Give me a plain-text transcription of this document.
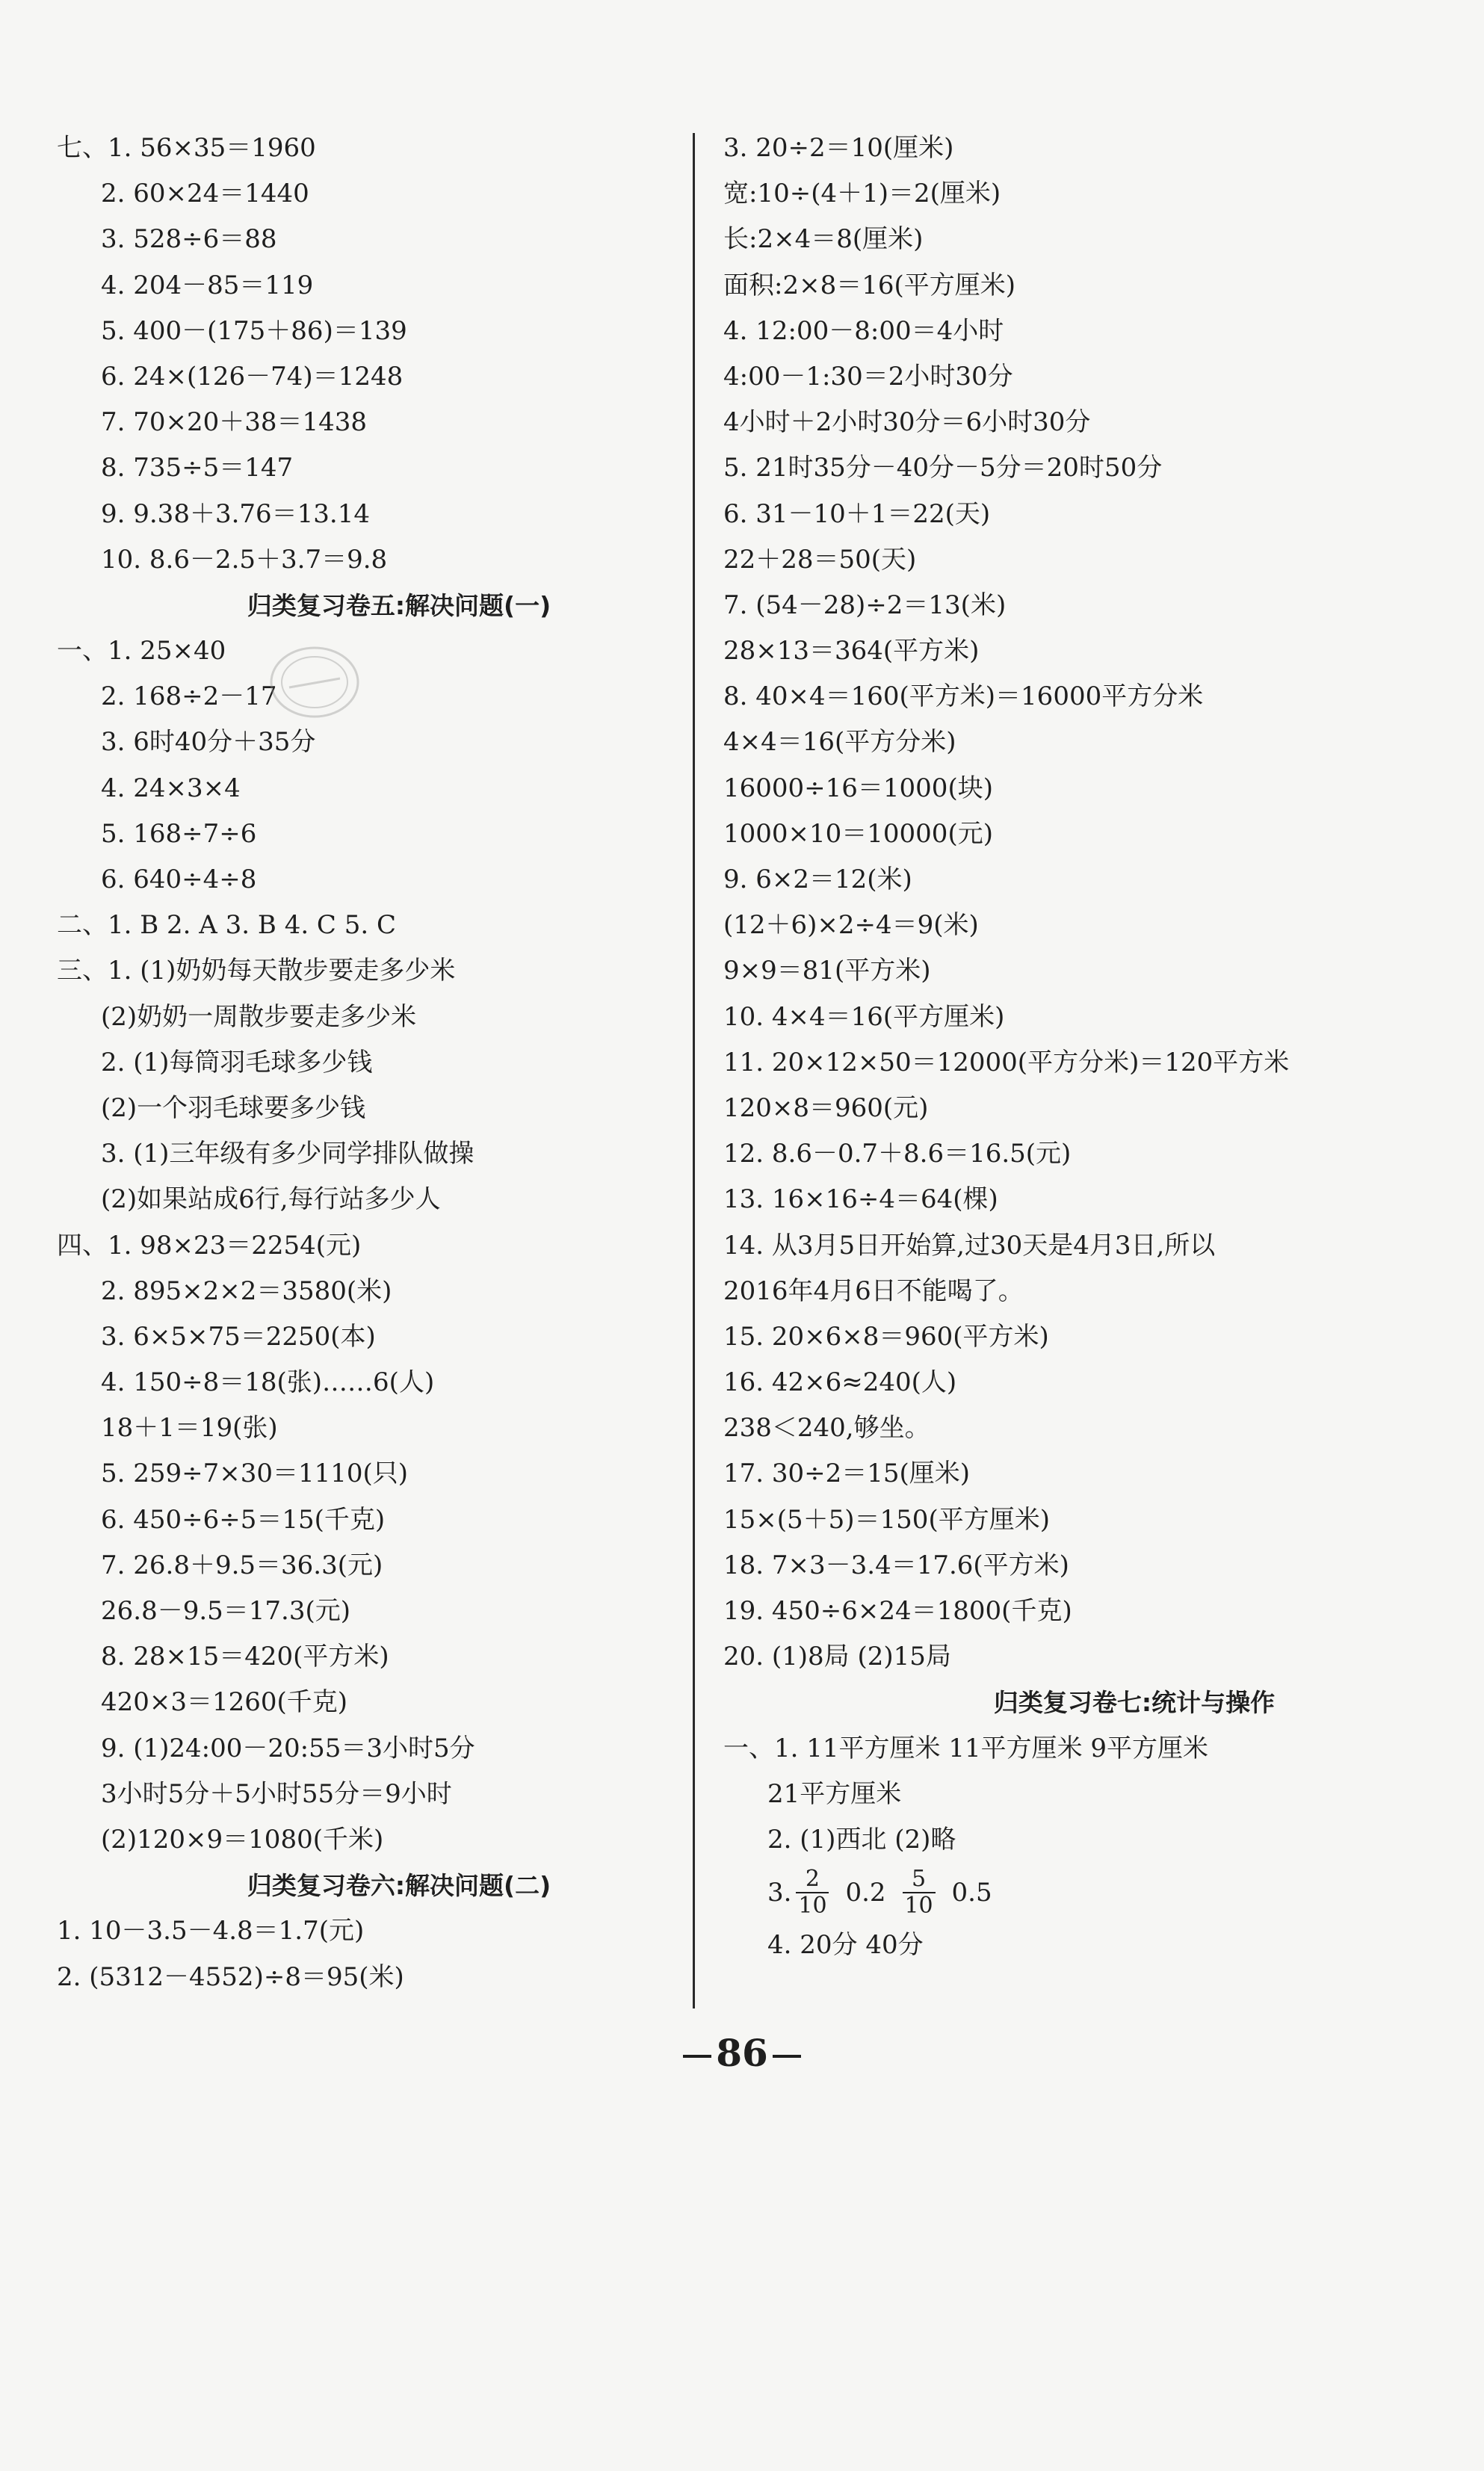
七、1. 56×35＝1960
2. 60×24＝1440
3. 528÷6＝88
4. 204－85＝119
5. 400－(175＋86)＝139
6. 24×(126－74)＝1248
7. 70×20＋38＝1438
8. 735÷5＝147
9. 9.38＋3.76＝13.14
10. 8.6－2.5＋3.7＝9.8
归类复习卷五:解决问题(一)
一、1. 25×40
2. 168÷2－17
3. 6时40分＋35分
4. 24×3×4
5. 168÷7÷6
6. 640÷4÷8
二、1. B 2. A 3. B 4. C 5. C
三、1. (1)奶奶每天散步要走多少米
(2)奶奶一周散步要走多少米
2. (1)每筒羽毛球多少钱
(2)一个羽毛球要多少钱
3. (1)三年级有多少同学排队做操
(2)如果站成6行,每行站多少人
四、1. 98×23＝2254(元)
2. 895×2×2＝3580(米)
3. 6×5×75＝2250(本)
4. 150÷8＝18(张)……6(人)
18＋1＝19(张)
5. 259÷7×30＝1110(只)
6. 450÷6÷5＝15(千克)
7. 26.8＋9.5＝36.3(元)
26.8－9.5＝17.3(元)
8. 28×15＝420(平方米)
420×3＝1260(千克)
9. (1)24:00－20:55＝3小时5分
3小时5分＋5小时55分＝9小时
(2)120×9＝1080(千米)
归类复习卷六:解决问题(二)
1. 10－3.5－4.8＝1.7(元)
2. (5312－4552)÷8＝95(米)
3. 20÷2＝10(厘米)
宽:10÷(4＋1)＝2(厘米)
长:2×4＝8(厘米)
面积:2×8＝16(平方厘米)
4. 12:00－8:00＝4小时
4:00－1:30＝2小时30分
4小时＋2小时30分＝6小时30分
5. 21时35分－40分－5分＝20时50分
6. 31－10＋1＝22(天)
22＋28＝50(天)
7. (54－28)÷2＝13(米)
28×13＝364(平方米)
8. 40×4＝160(平方米)＝16000平方分米
4×4＝16(平方分米)
16000÷16＝1000(块)
1000×10＝10000(元)
9. 6×2＝12(米)
(12＋6)×2÷4＝9(米)
9×9＝81(平方米)
10. 4×4＝16(平方厘米)
11. 20×12×50＝12000(平方分米)＝120平方米
120×8＝960(元)
12. 8.6－0.7＋8.6＝16.5(元)
13. 16×16÷4＝64(棵)
14. 从3月5日开始算,过30天是4月3日,所以
2016年4月6日不能喝了。
15. 20×6×8＝960(平方米)
16. 42×6≈240(人)
238＜240,够坐。
17. 30÷2＝15(厘米)
15×(5＋5)＝150(平方厘米)
18. 7×3－3.4＝17.6(平方米)
19. 450÷6×24＝1800(千克)
20. (1)8局 (2)15局
归类复习卷七:统计与操作
一、1. 11平方厘米 11平方厘米 9平方厘米
21平方厘米
2. (1)西北 (2)略
3. $\frac{2}{10} 0.2 \frac{5}{10} 0.5$
4. 20分 40分
86
